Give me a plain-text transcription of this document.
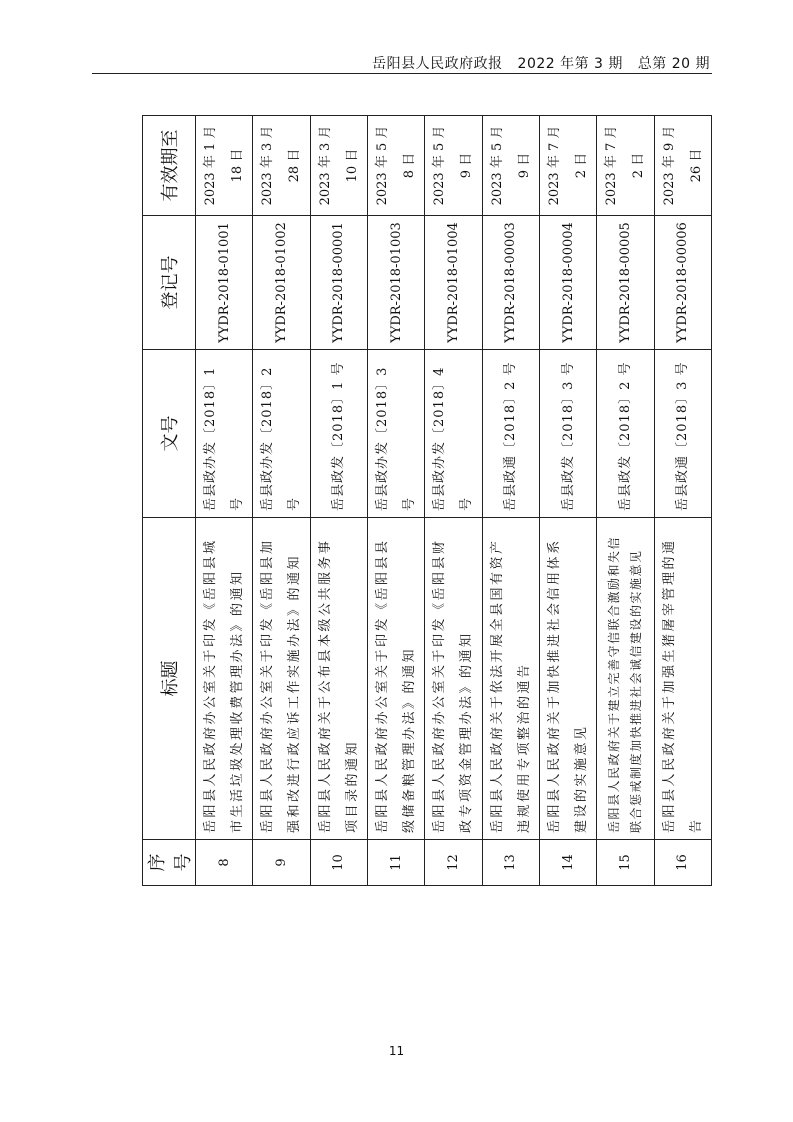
岳阳县人民政府政报 2022 年第 3 期 总第 20 期
序号	标题	文号	登记号	有效期至
8	岳阳县人民政府办公室关于印发《岳阳县城市生活垃圾处理收费管理办法》的通知	岳县政办发〔2018〕1 号	YYDR-2018-01001	2023 年 1 月 18 日
9	岳阳县人民政府办公室关于印发《岳阳县加强和改进行政应诉工作实施办法》的通知	岳县政办发〔2018〕2 号	YYDR-2018-01002	2023 年 3 月 28 日
10	岳阳县人民政府关于公布县本级公共服务事项目录的通知	岳县政发〔2018〕1 号	YYDR-2018-00001	2023 年 3 月 10 日
11	岳阳县人民政府办公室关于印发《岳阳县县级储备粮管理办法》的通知	岳县政办发〔2018〕3 号	YYDR-2018-01003	2023 年 5 月 8 日
12	岳阳县人民政府办公室关于印发《岳阳县财政专项资金管理办法》的通知	岳县政办发〔2018〕4 号	YYDR-2018-01004	2023 年 5 月 9 日
13	岳阳县人民政府关于依法开展全县国有资产违规使用专项整治的通告	岳县政通〔2018〕2 号	YYDR-2018-00003	2023 年 5 月 9 日
14	岳阳县人民政府关于加快推进社会信用体系建设的实施意见	岳县政发〔2018〕3 号	YYDR-2018-00004	2023 年 7 月 2 日
15	岳阳县人民政府关于建立完善守信联合激励和失信联合惩戒制度加快推进社会诚信建设的实施意见	岳县政发〔2018〕2 号	YYDR-2018-00005	2023 年 7 月 2 日
16	岳阳县人民政府关于加强生猪屠宰管理的通告	岳县政通〔2018〕3 号	YYDR-2018-00006	2023 年 9 月 26 日
11
